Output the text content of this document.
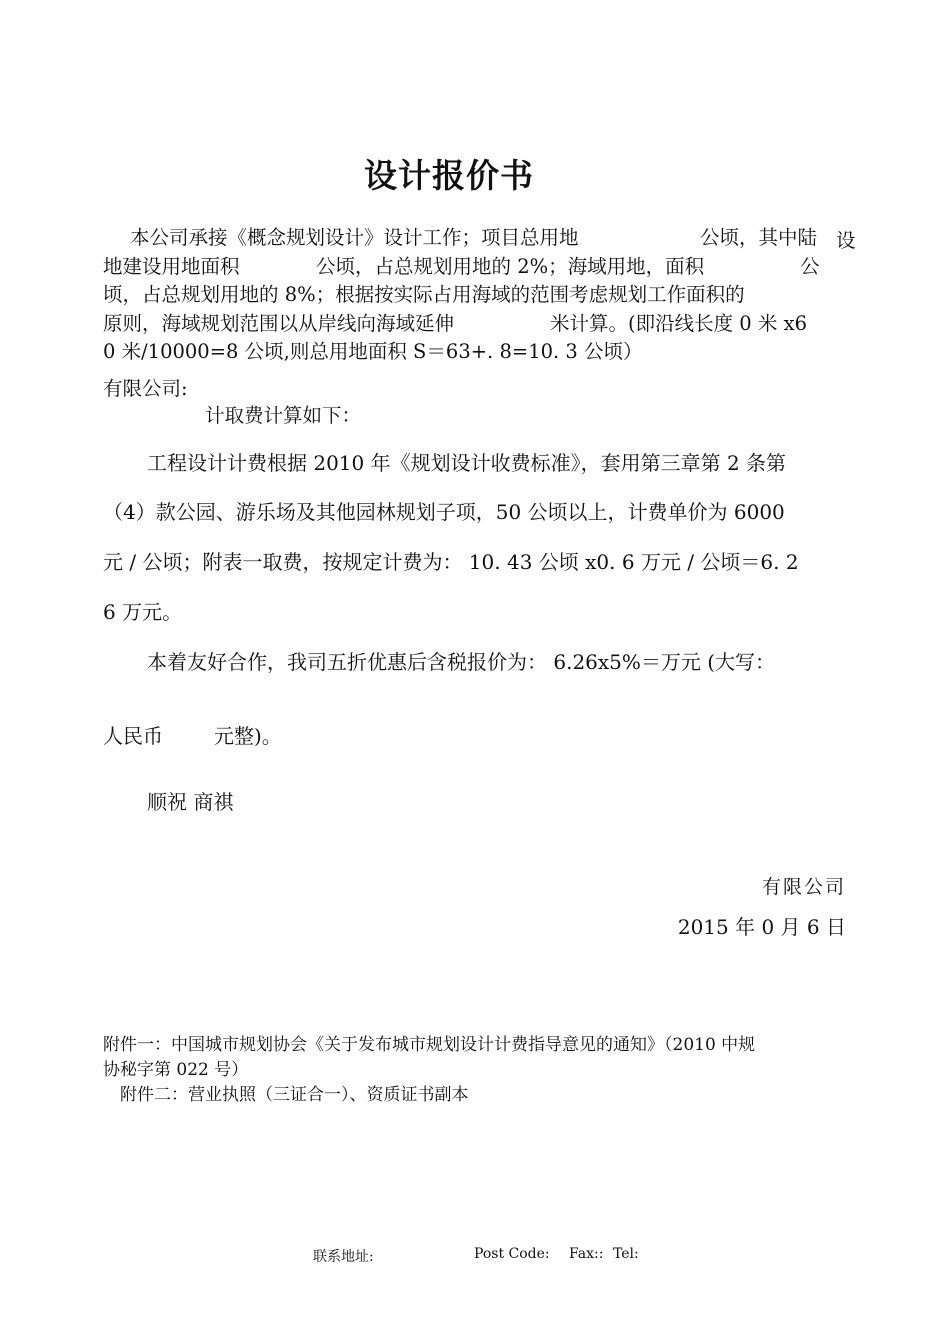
设计报价书
本公司承接《概念规划设计》设计工作；项目总用地	公顷，其中陆 设
地建设用地面积	公顷，占总规划用地的 2%；海域用地，面积	公
顷，占总规划用地的 8%；根据按实际占用海域的范围考虑规划工作面积的
原则，海域规划范围以从岸线向海域延伸	米计算。(即沿线长度 0 米 x6
0 米/10000=8 公顷,则总用地面积 S＝63+. 8=10. 3 公顷）
有限公司:
计取费计算如下：
工程设计计费根据 2010 年《规划设计收费标准》，套用第三章第 2 条第
（4）款公园、游乐场及其他园林规划子项，50 公顷以上，计费单价为 6000
元 / 公顷；附表一取费，按规定计费为： 10. 43 公顷 x0. 6 万元 / 公顷＝6. 2
6 万元。
本着友好合作，我司五折优惠后含税报价为： 6.26x5%＝万元 (大写：
人民币	元整)。
顺祝 商祺
有限公司
2015 年 0 月 6 日
附件一：中国城市规划协会《关于发布城市规划设计计费指导意见的通知》（2010 中规
协秘字第 022 号）
附件二：营业执照（三证合一）、资质证书副本
联系地址:	Post Code: Fax:: Tel:
